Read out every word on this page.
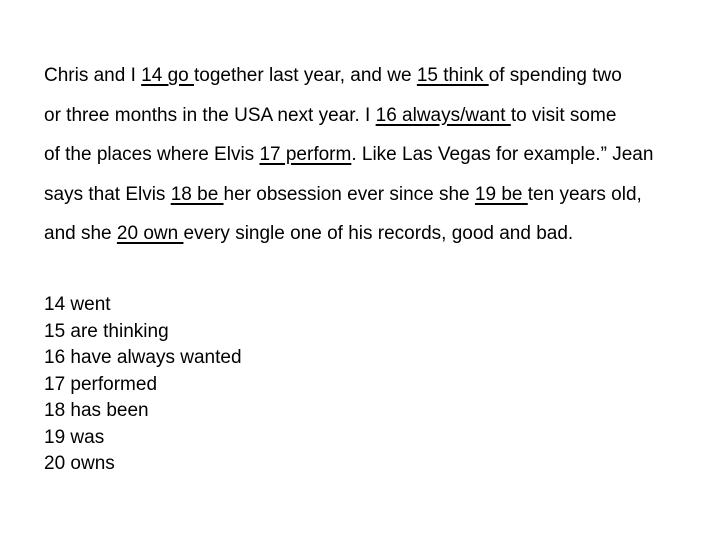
Chris and I 14 go together last year, and we 15 think of spending two
or three months in the USA next year. I 16 always/want to visit some
of the places where Elvis 17 perform. Like Las Vegas for example.” Jean
says that Elvis 18 be her obsession ever since she 19 be ten years old,
and she 20 own every single one of his records, good and bad.
14 went
15 are thinking
16 have always wanted
17 performed
18 has been
19 was
20 owns
